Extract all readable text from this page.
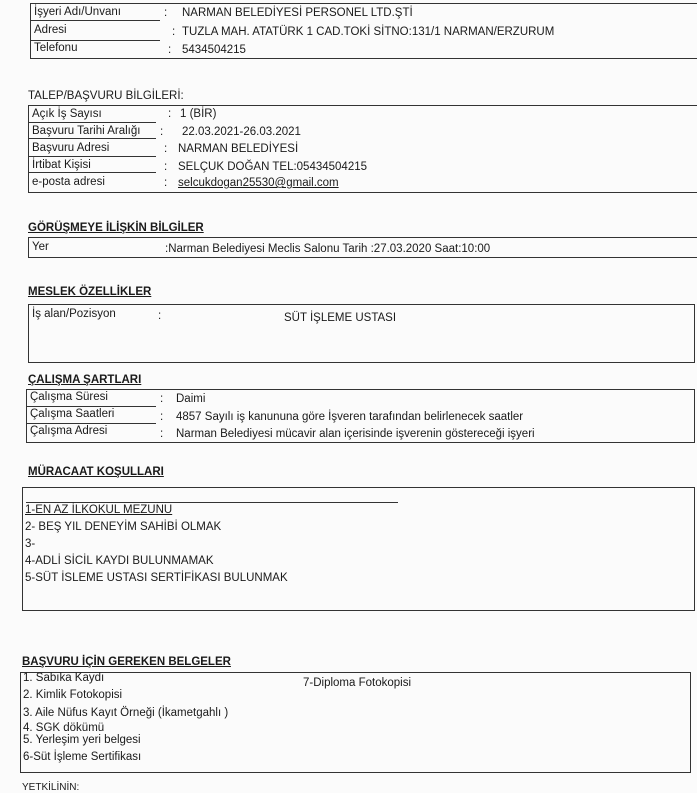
İşyeri Adı/Unvanı	: NARMAN BELEDİYESİ PERSONEL LTD.ŞTİ
Adresi	: TUZLA MAH. ATATÜRK 1 CAD.TOKİ SİTNO:131/1 NARMAN/ERZURUM
Telefonu	: 5434504215
TALEP/BAŞVURU BİLGİLERİ:
Açık İş Sayısı	: 1 (BİR)
Başvuru Tarihi Aralığı : 22.03.2021-26.03.2021
Başvuru Adresi	: NARMAN BELEDİYESİ
İrtibat Kişisi	: SELÇUK DOĞAN TEL:05434504215
e-posta adresi	: selcukdogan25530@gmail.com
GÖRÜŞMEYE İLİŞKİN BİLGİLER
Yer	:Narman Belediyesi Meclis Salonu Tarih :27.03.2020 Saat:10:00
MESLEK ÖZELLİKLER
İş alan/Pozisyon	:	SÜT İŞLEME USTASI
ÇALIŞMA ŞARTLARI
Çalışma Süresi	: Daimi
Çalışma Saatleri	: 4857 Sayılı iş kanununa göre İşveren tarafından belirlenecek saatler
Çalışma Adresi	: Narman Belediyesi mücavir alan içerisinde işverenin göstereceği işyeri
MÜRACAAT KOŞULLARI
1-EN AZ İLKOKUL MEZUNU
2- BEŞ YIL DENEYİM SAHİBİ OLMAK
3-
4-ADLİ SİCİL KAYDI BULUNMAMAK
5-SÜT İSLEME USTASI SERTİFİKASI BULUNMAK
BAŞVURU İÇİN GEREKEN BELGELER
1. Sabıka Kaydı
2. Kimlik Fotokopisi
3. Aile Nüfus Kayıt Örneği (İkametgahlı )
4. SGK dökümü
5. Yerleşim yeri belgesi
6-Süt İşleme Sertifikası
7-Diploma Fotokopisi
YETKİLİNİN:
